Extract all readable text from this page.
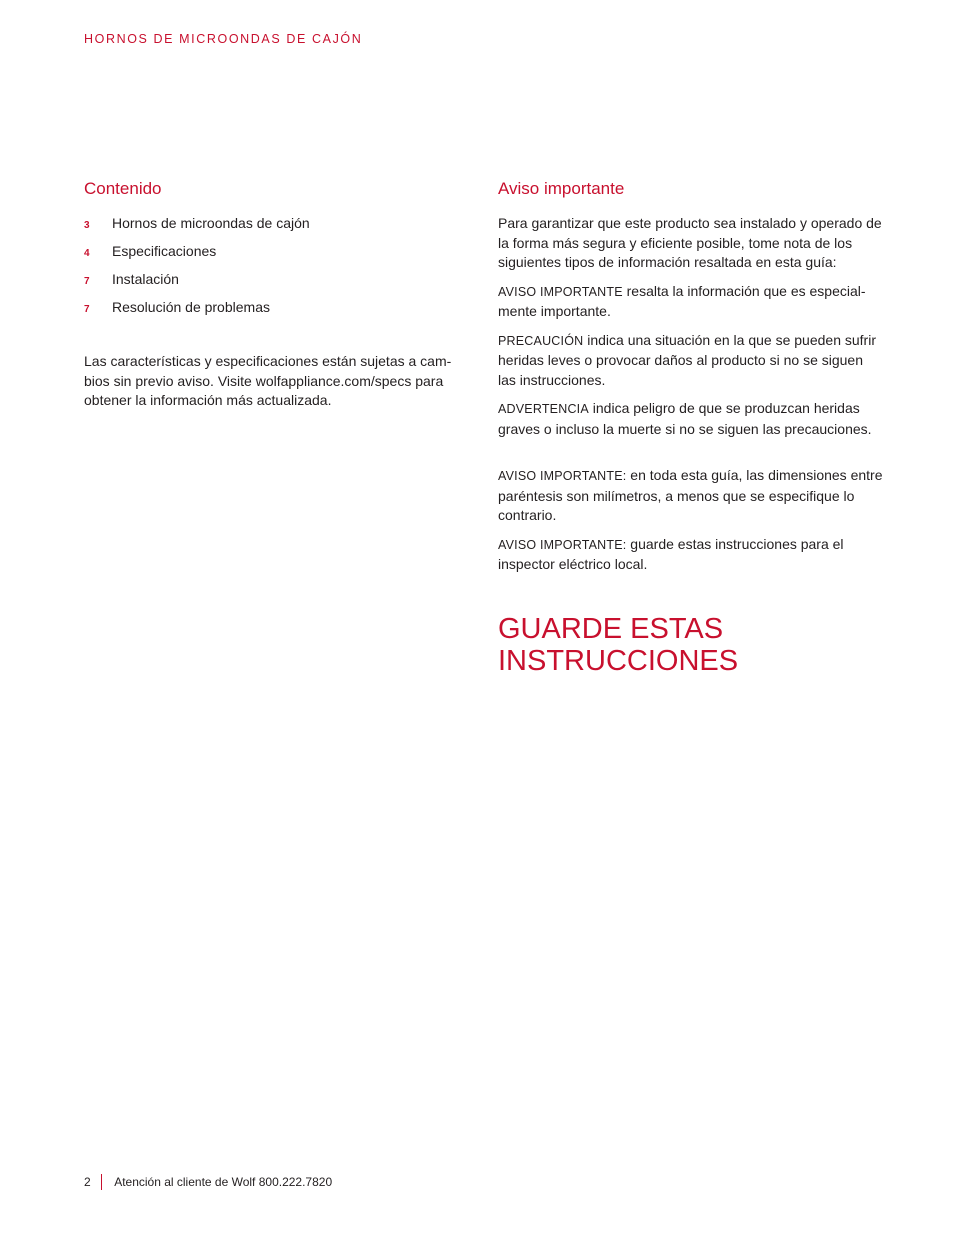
HORNOS DE MICROONDAS DE CAJÓN
Contenido
3	Hornos de microondas de cajón
4	Especificaciones
7	Instalación
7	Resolución de problemas
Las características y especificaciones están sujetas a cam-
bios sin previo aviso. Visite wolfappliance.com/specs para
obtener la información más actualizada.
Aviso importante

Para garantizar que este producto sea instalado y operado de la forma más segura y eficiente posible, tome nota de los siguientes tipos de información resaltada en esta guía:

AVISO IMPORTANTE resalta la información que es especial-mente importante.

PRECAUCIÓN indica una situación en la que se pueden sufrir heridas leves o provocar daños al producto si no se siguen las instrucciones.

ADVERTENCIA indica peligro de que se produzcan heridas graves o incluso la muerte si no se siguen las precauciones.

AVISO IMPORTANTE: en toda esta guía, las dimensiones entre paréntesis son milímetros, a menos que se especifique lo contrario.

AVISO IMPORTANTE: guarde estas instrucciones para el inspector eléctrico local.

GUARDE ESTAS
INSTRUCCIONES
2 Atención al cliente de Wolf 800.222.7820
